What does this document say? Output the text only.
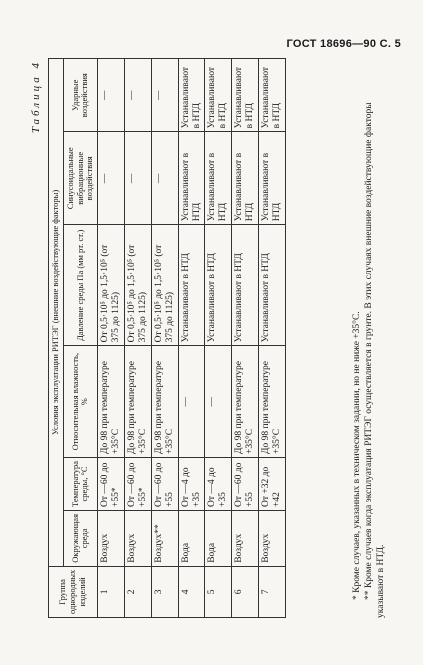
ГОСТ 18696—90 С. 5
Таблица 4
Группа однородных изделий	Условия эксплуатации РИТЭГ (внешние воздействующие факторы)					
	Окружающая среда	Температура среды, °С	Относительная влажность, %	Давление среды Па (мм рт. ст.)	Синусоидальные вибрационные воздействия	Ударные воздействия
1	Воздух	От —60 до +55*	До 98 при температуре +35°С	От 0,5·10⁵ до 1,5·10⁵ (от 375 до 1125)	—	—
2	Воздух	От —60 до +55*	До 98 при температуре +35°С	От 0,5·10⁵ до 1,5·10⁵ (от 375 до 1125)	—	—
3	Воздух**	От —60 до +55	До 98 при температуре +35°С	От 0,5·10⁵ до 1,5·10⁵ (от 375 до 1125)	—	—
4	Вода	От —4 до +35	—	Устанавливают в НТД	Устанавливают в НТД	Устанавливают в НТД
5	Вода	От —4 до +35	—	Устанавливают в НТД	Устанавливают в НТД	Устанавливают в НТД
6	Воздух	От —60 до +55	До 98 при температуре +35°С	Устанавливают в НТД	Устанавливают в НТД	Устанавливают в НТД
7	Воздух	От +32 до +42	До 98 при температуре +35°С	Устанавливают в НТД	Устанавливают в НТД	Устанавливают в НТД

* Кроме случаев, указанных в техническом задании, но не ниже +35°С. ** Кроме случаев когда эксплуатация РИТЭГ осуществляется в грунте. В этих случаях внешние воздействующие факторы указывают в НТД.
